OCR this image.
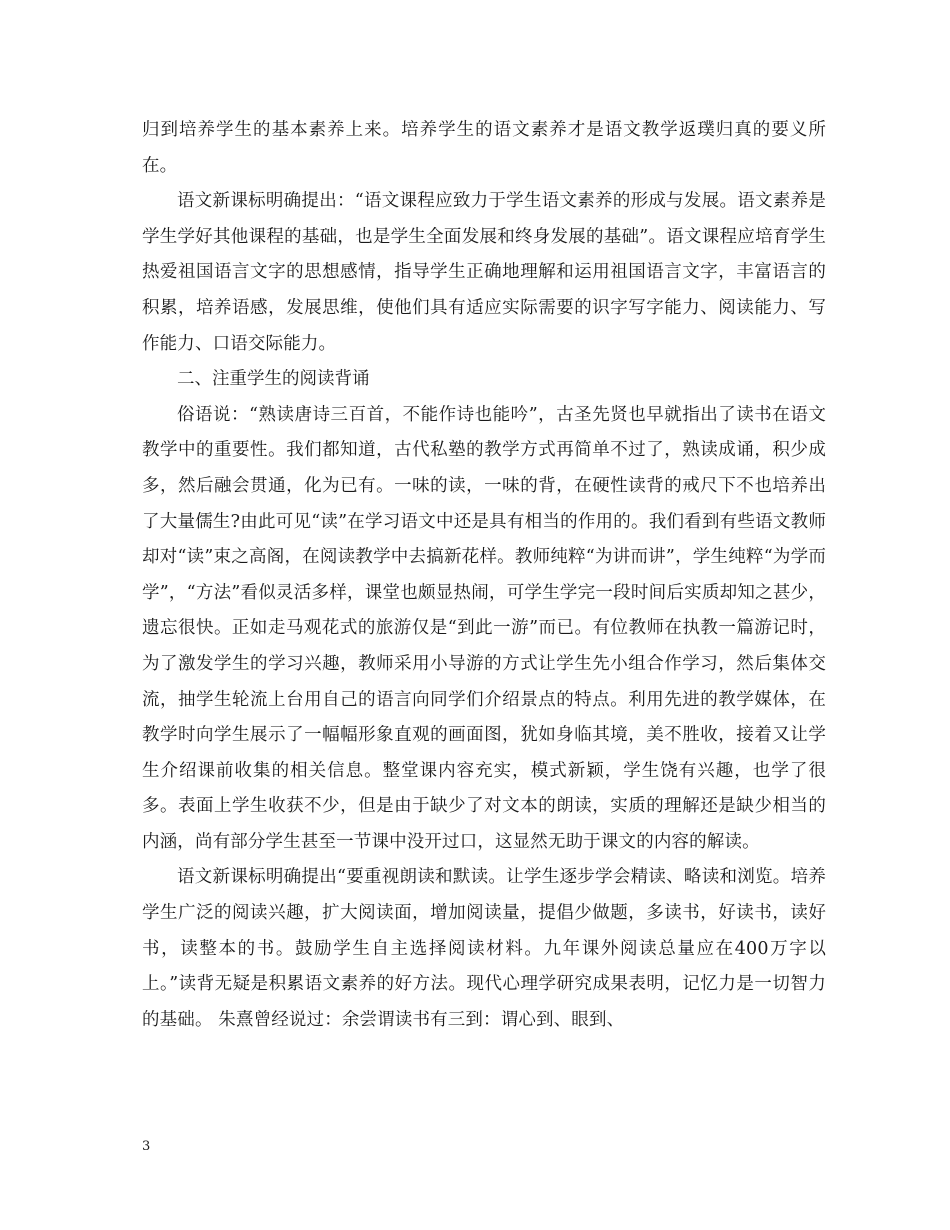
归到培养学生的基本素养上来。培养学生的语文素养才是语文教学返璞归真的要义所在。

语文新课标明确提出：“语文课程应致力于学生语文素养的形成与发展。语文素养是学生学好其他课程的基础，也是学生全面发展和终身发展的基础”。语文课程应培育学生热爱祖国语言文字的思想感情，指导学生正确地理解和运用祖国语言文字，丰富语言的积累，培养语感，发展思维，使他们具有适应实际需要的识字写字能力、阅读能力、写作能力、口语交际能力。

二、注重学生的阅读背诵

俗语说：“熟读唐诗三百首，不能作诗也能吟”，古圣先贤也早就指出了读书在语文教学中的重要性。我们都知道，古代私塾的教学方式再简单不过了，熟读成诵，积少成多，然后融会贯通，化为已有。一味的读，一味的背，在硬性读背的戒尺下不也培养出了大量儒生?由此可见“读”在学习语文中还是具有相当的作用的。我们看到有些语文教师却对“读”束之高阁，在阅读教学中去搞新花样。教师纯粹“为讲而讲”，学生纯粹“为学而学”，“方法”看似灵活多样，课堂也颇显热闹，可学生学完一段时间后实质却知之甚少，遗忘很快。正如走马观花式的旅游仅是“到此一游”而已。有位教师在执教一篇游记时，为了激发学生的学习兴趣，教师采用小导游的方式让学生先小组合作学习，然后集体交流，抽学生轮流上台用自己的语言向同学们介绍景点的特点。利用先进的教学媒体，在教学时向学生展示了一幅幅形象直观的画面图，犹如身临其境，美不胜收，接着又让学生介绍课前收集的相关信息。整堂课内容充实，模式新颖，学生饶有兴趣，也学了很多。表面上学生收获不少，但是由于缺少了对文本的朗读，实质的理解还是缺少相当的内涵，尚有部分学生甚至一节课中没开过口，这显然无助于课文的内容的解读。

语文新课标明确提出“要重视朗读和默读。让学生逐步学会精读、略读和浏览。培养学生广泛的阅读兴趣，扩大阅读面，增加阅读量，提倡少做题，多读书，好读书，读好书，读整本的书。鼓励学生自主选择阅读材料。九年课外阅读总量应在400万字以上。”读背无疑是积累语文素养的好方法。现代心理学研究成果表明，记忆力是一切智力的基础。 朱熹曾经说过：余尝谓读书有三到：谓心到、眼到、

3
